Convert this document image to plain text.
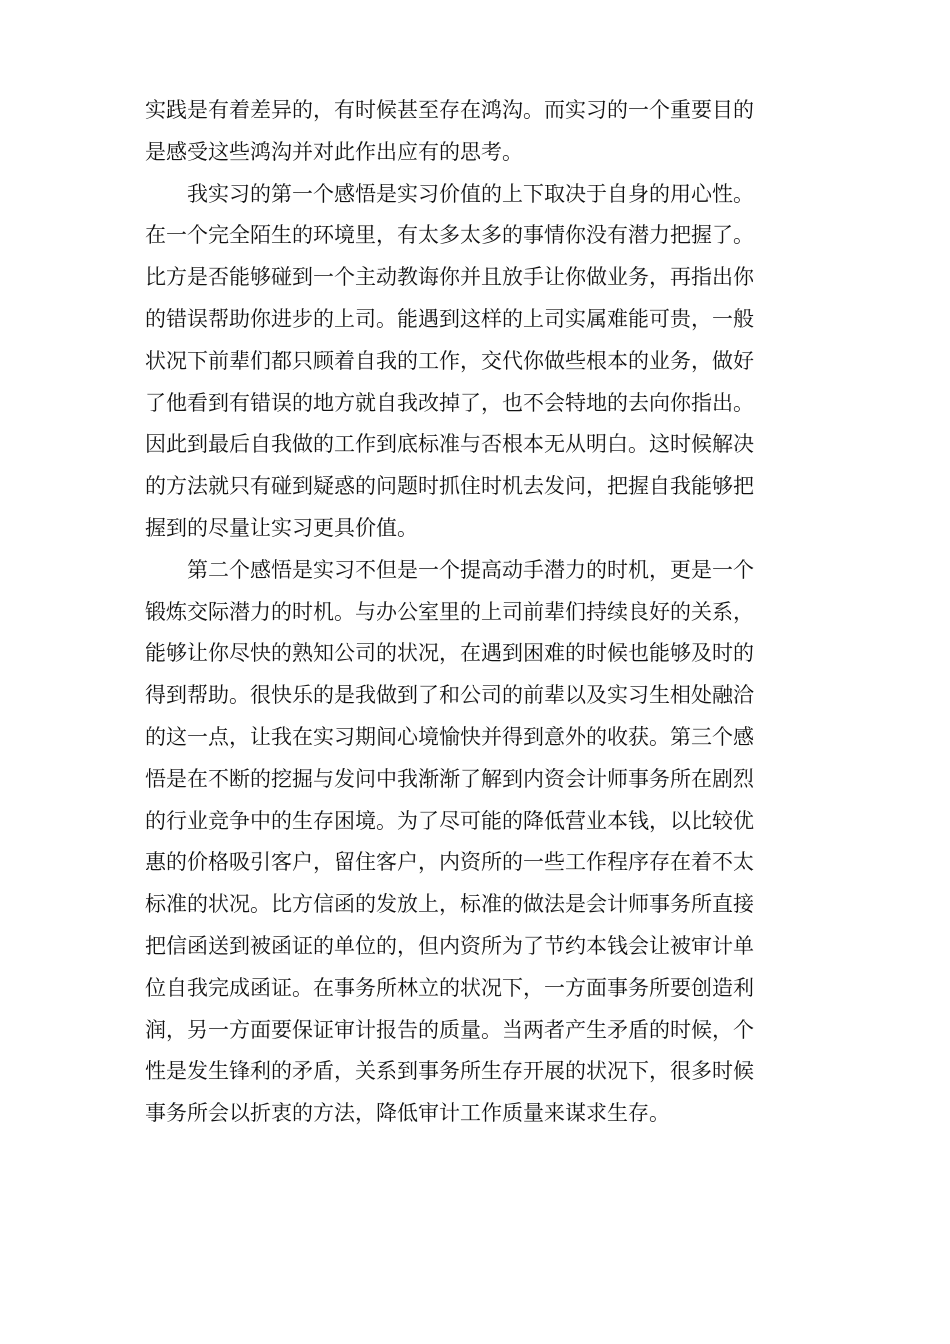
实践是有着差异的，有时候甚至存在鸿沟。而实习的一个重要目的
是感受这些鸿沟并对此作出应有的思考。
我实习的第一个感悟是实习价值的上下取决于自身的用心性。
在一个完全陌生的环境里，有太多太多的事情你没有潜力把握了。
比方是否能够碰到一个主动教诲你并且放手让你做业务，再指出你
的错误帮助你进步的上司。能遇到这样的上司实属难能可贵，一般
状况下前辈们都只顾着自我的工作，交代你做些根本的业务，做好
了他看到有错误的地方就自我改掉了，也不会特地的去向你指出。
因此到最后自我做的工作到底标准与否根本无从明白。这时候解决
的方法就只有碰到疑惑的问题时抓住时机去发问，把握自我能够把
握到的尽量让实习更具价值。
第二个感悟是实习不但是一个提高动手潜力的时机，更是一个
锻炼交际潜力的时机。与办公室里的上司前辈们持续良好的关系，
能够让你尽快的熟知公司的状况，在遇到困难的时候也能够及时的
得到帮助。很快乐的是我做到了和公司的前辈以及实习生相处融洽
的这一点，让我在实习期间心境愉快并得到意外的收获。第三个感
悟是在不断的挖掘与发问中我渐渐了解到内资会计师事务所在剧烈
的行业竞争中的生存困境。为了尽可能的降低营业本钱，以比较优
惠的价格吸引客户，留住客户，内资所的一些工作程序存在着不太
标准的状况。比方信函的发放上，标准的做法是会计师事务所直接
把信函送到被函证的单位的，但内资所为了节约本钱会让被审计单
位自我完成函证。在事务所林立的状况下，一方面事务所要创造利
润，另一方面要保证审计报告的质量。当两者产生矛盾的时候，个
性是发生锋利的矛盾，关系到事务所生存开展的状况下，很多时候
事务所会以折衷的方法，降低审计工作质量来谋求生存。
